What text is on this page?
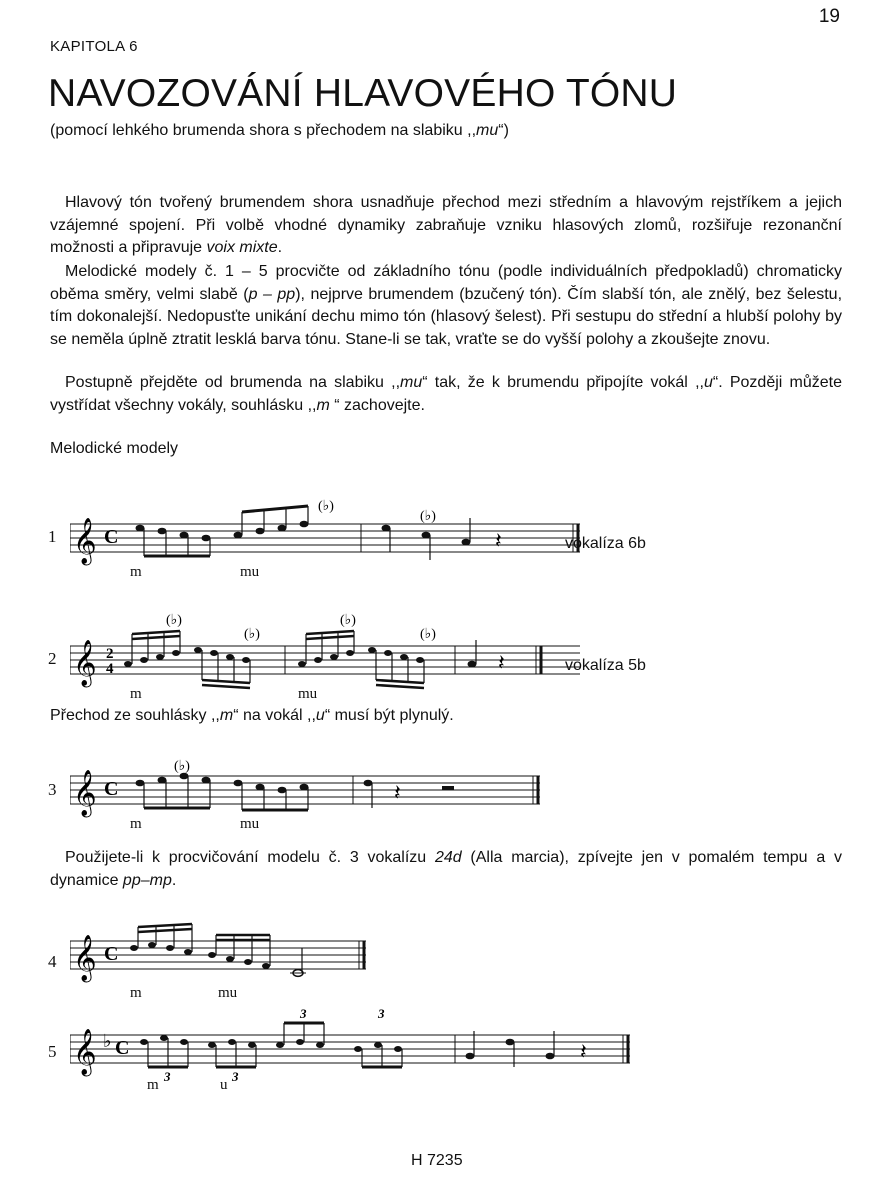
19
KAPITOLA 6
NAVOZOVÁNÍ HLAVOVÉHO TÓNU
(pomocí lehkého brumenda shora s přechodem na slabiku ,,mu“)
Hlavový tón tvořený brumendem shora usnadňuje přechod mezi středním a hlavovým rejstříkem a jejich vzájemné spojení. Při volbě vhodné dynamiky zabraňuje vzniku hlasových zlomů, rozšiřuje rezonanční možnosti a připravuje voix mixte.
Melodické modely č. 1 – 5 procvičte od základního tónu (podle individuálních předpokladů) chromaticky oběma směry, velmi slabě (p – pp), nejprve brumendem (bzučený tón). Čím slabší tón, ale znělý, bez šelestu, tím dokonalejší. Nedopusťte unikání dechu mimo tón (hlasový šelest). Při sestupu do střední a hlubší polohy by se neměla úplně ztratit lesklá barva tónu. Stane-li se tak, vraťte se do vyšší polohy a zkoušejte znovu.
Postupně přejděte od brumenda na slabiku ,,mu“ tak, že k brumendu připojíte vokál ,,u“. Později můžete vystřídat všechny vokály, souhlásku ,,m “ zachovejte.
Melodické modely
1 𝄞 C	𝄽
(♭)
(♭)
m	mu
vokalíza 6b
2 𝄞 2
4	𝄽
(♭)
(♭)
(♭)
(♭)
m	mu
vokalíza 5b
Přechod ze souhlásky ,,m“ na vokál ,,u“ musí být plynulý.
3 𝄞 C	𝄽
(♭)
m	mu
Použijete-li k procvičování modelu č. 3 vokalízu 24d (Alla marcia), zpívejte jen v pomalém tempu a v dynamice pp–mp.
4 𝄞 C
m	mu
5 𝄞 ♭ C
3	3
3	3
𝄽
m	u
H 7235
